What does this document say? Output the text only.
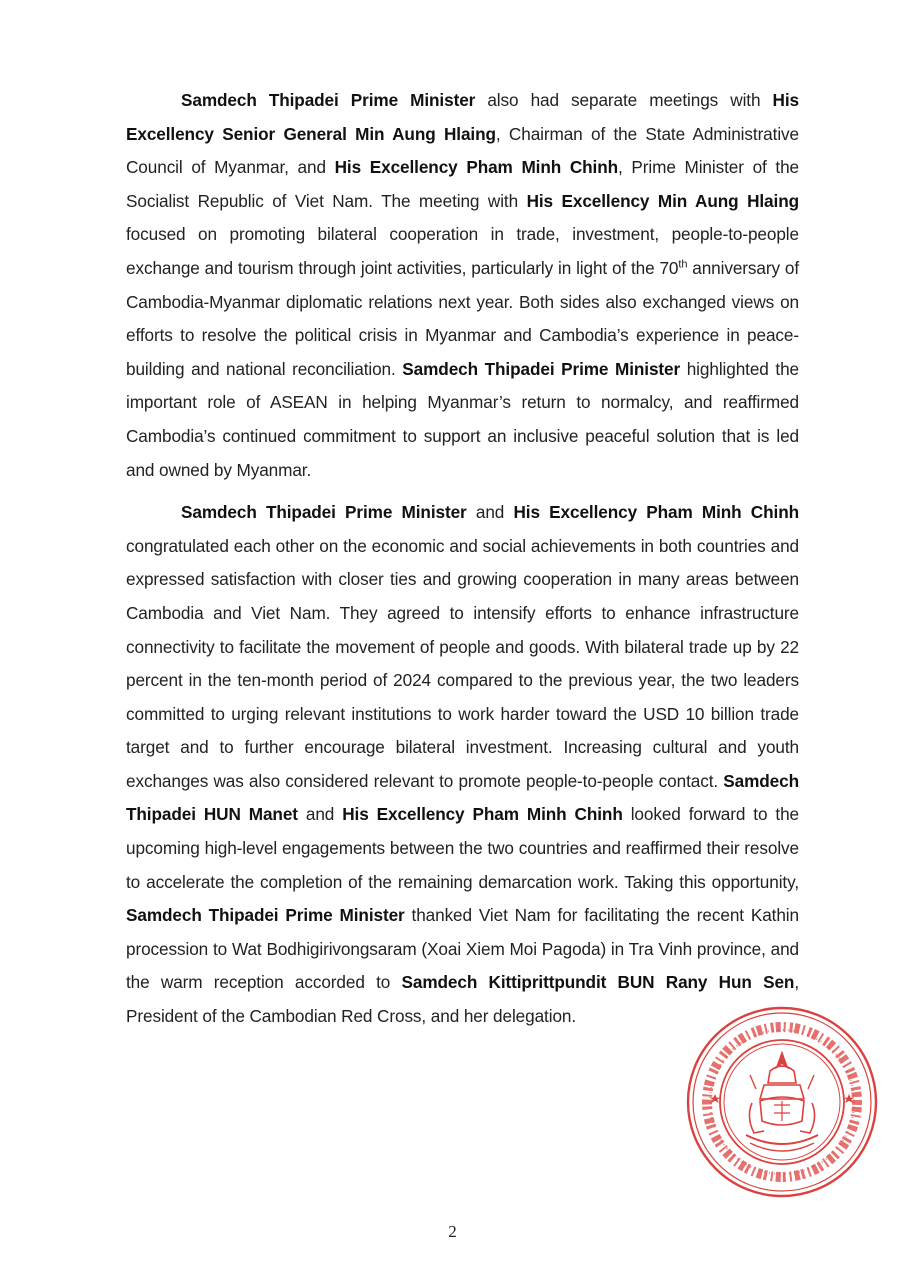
Samdech Thipadei Prime Minister also had separate meetings with His Excellency Senior General Min Aung Hlaing, Chairman of the State Administrative Council of Myanmar, and His Excellency Pham Minh Chinh, Prime Minister of the Socialist Republic of Viet Nam. The meeting with His Excellency Min Aung Hlaing focused on promoting bilateral cooperation in trade, investment, people-to-people exchange and tourism through joint activities, particularly in light of the 70th anniversary of Cambodia-Myanmar diplomatic relations next year. Both sides also exchanged views on efforts to resolve the political crisis in Myanmar and Cambodia’s experience in peace-building and national reconciliation. Samdech Thipadei Prime Minister highlighted the important role of ASEAN in helping Myanmar’s return to normalcy, and reaffirmed Cambodia’s continued commitment to support an inclusive peaceful solution that is led and owned by Myanmar.

Samdech Thipadei Prime Minister and His Excellency Pham Minh Chinh congratulated each other on the economic and social achievements in both countries and expressed satisfaction with closer ties and growing cooperation in many areas between Cambodia and Viet Nam. They agreed to intensify efforts to enhance infrastructure connectivity to facilitate the movement of people and goods. With bilateral trade up by 22 percent in the ten-month period of 2024 compared to the previous year, the two leaders committed to urging relevant institutions to work harder toward the USD 10 billion trade target and to further encourage bilateral investment. Increasing cultural and youth exchanges was also considered relevant to promote people-to-people contact. Samdech Thipadei HUN Manet and His Excellency Pham Minh Chinh looked forward to the upcoming high-level engagements between the two countries and reaffirmed their resolve to accelerate the completion of the remaining demarcation work. Taking this opportunity, Samdech Thipadei Prime Minister thanked Viet Nam for facilitating the recent Kathin procession to Wat Bodhigirivongsaram (Xoai Xiem Moi Pagoda) in Tra Vinh province, and the warm reception accorded to Samdech Kittiprittpundit BUN Rany Hun Sen, President of the Cambodian Red Cross, and her delegation.

2
